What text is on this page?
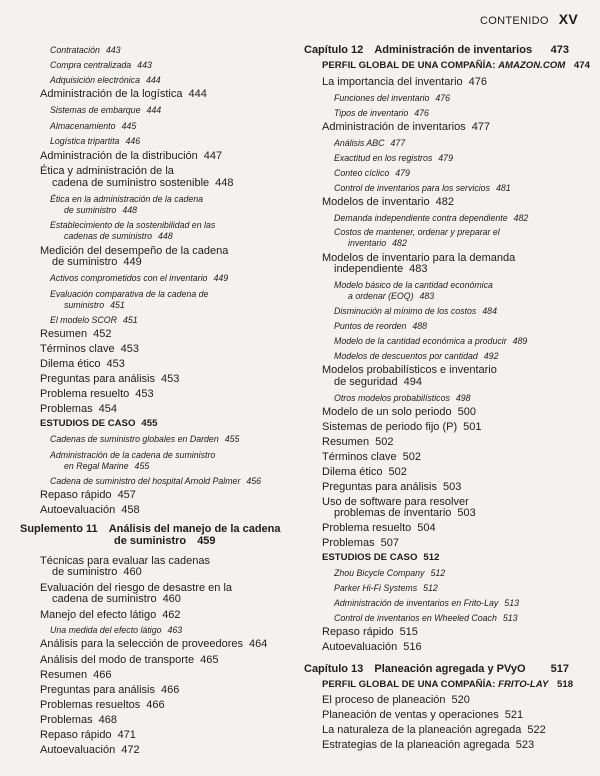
CONTENIDO XV
Contratación 443
Compra centralizada 443
Adquisición electrónica 444
Administración de la logística 444
Sistemas de embarque 444
Almacenamiento 445
Logística tripartita 446
Administración de la distribución 447
Ética y administración de la
cadena de suministro sostenible 448
Ética en la administración de la cadena
de suministro 448
Establecimiento de la sostenibilidad en las
cadenas de suministro 448
Medición del desempeño de la cadena
de suministro 449
Activos comprometidos con el inventario 449
Evaluación comparativa de la cadena de
suministro 451
El modelo SCOR 451
Resumen 452
Términos clave 453
Dilema ético 453
Preguntas para análisis 453
Problema resuelto 453
Problemas 454
ESTUDIOS DE CASO 455
Cadenas de suministro globales en Darden 455
Administración de la cadena de suministro
en Regal Marine 455
Cadena de suministro del hospital Arnold Palmer 456
Repaso rápido 457
Autoevaluación 458
Suplemento 11 Análisis del manejo de la cadena
de suministro 459
Técnicas para evaluar las cadenas
de suministro 460
Evaluación del riesgo de desastre en la
cadena de suministro 460
Manejo del efecto látigo 462
Una medida del efecto látigo 463
Análisis para la selección de proveedores 464
Análisis del modo de transporte 465
Resumen 466
Preguntas para análisis 466
Problemas resueltos 466
Problemas 468
Repaso rápido 471
Autoevaluación 472
Capítulo 12 Administración de inventarios 473
PERFIL GLOBAL DE UNA COMPAÑÍA: AMAZON.COM 474
La importancia del inventario 476
Funciones del inventario 476
Tipos de inventario 476
Administración de inventarios 477
Análisis ABC 477
Exactitud en los registros 479
Conteo cíclico 479
Control de inventarios para los servicios 481
Modelos de inventario 482
Demanda independiente contra dependiente 482
Costos de mantener, ordenar y preparar el
inventario 482
Modelos de inventario para la demanda
independiente 483
Modelo básico de la cantidad económica
a ordenar (EOQ) 483
Disminución al mínimo de los costos 484
Puntos de reorden 488
Modelo de la cantidad económica a producir 489
Modelos de descuentos por cantidad 492
Modelos probabilísticos e inventario
de seguridad 494
Otros modelos probabilísticos 498
Modelo de un solo periodo 500
Sistemas de periodo fijo (P) 501
Resumen 502
Términos clave 502
Dilema ético 502
Preguntas para análisis 503
Uso de software para resolver
problemas de inventario 503
Problema resuelto 504
Problemas 507
ESTUDIOS DE CASO 512
Zhou Bicycle Company 512
Parker Hi-Fi Systems 512
Administración de inventarios en Frito-Lay 513
Control de inventarios en Wheeled Coach 513
Repaso rápido 515
Autoevaluación 516
Capítulo 13 Planeación agregada y PVyO 517
PERFIL GLOBAL DE UNA COMPAÑÍA: FRITO-LAY 518
El proceso de planeación 520
Planeación de ventas y operaciones 521
La naturaleza de la planeación agregada 522
Estrategias de la planeación agregada 523
